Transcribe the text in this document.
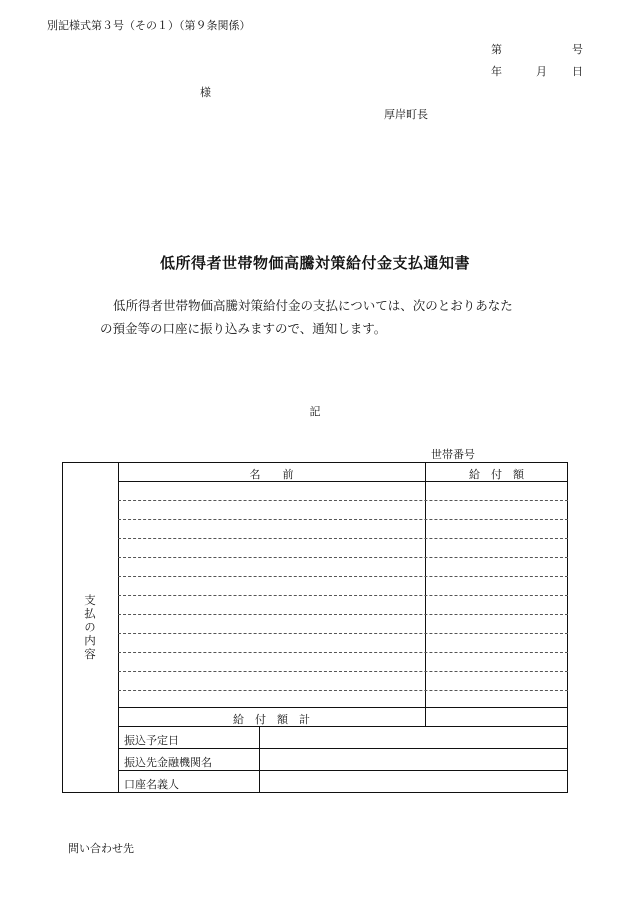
別記様式第３号（その１）（第９条関係）
第	号
年	月 日
様
厚岸町長
低所得者世帯物価高騰対策給付金支払通知書
低所得者世帯物価高騰対策給付金の支払については、次のとおりあなた
の預金等の口座に振り込みますので、通知します。
記
世帯番号
支払の内容
名　　前	給　付　額
給　付　額　計
振込予定日
振込先金融機関名
口座名義人
問い合わせ先
